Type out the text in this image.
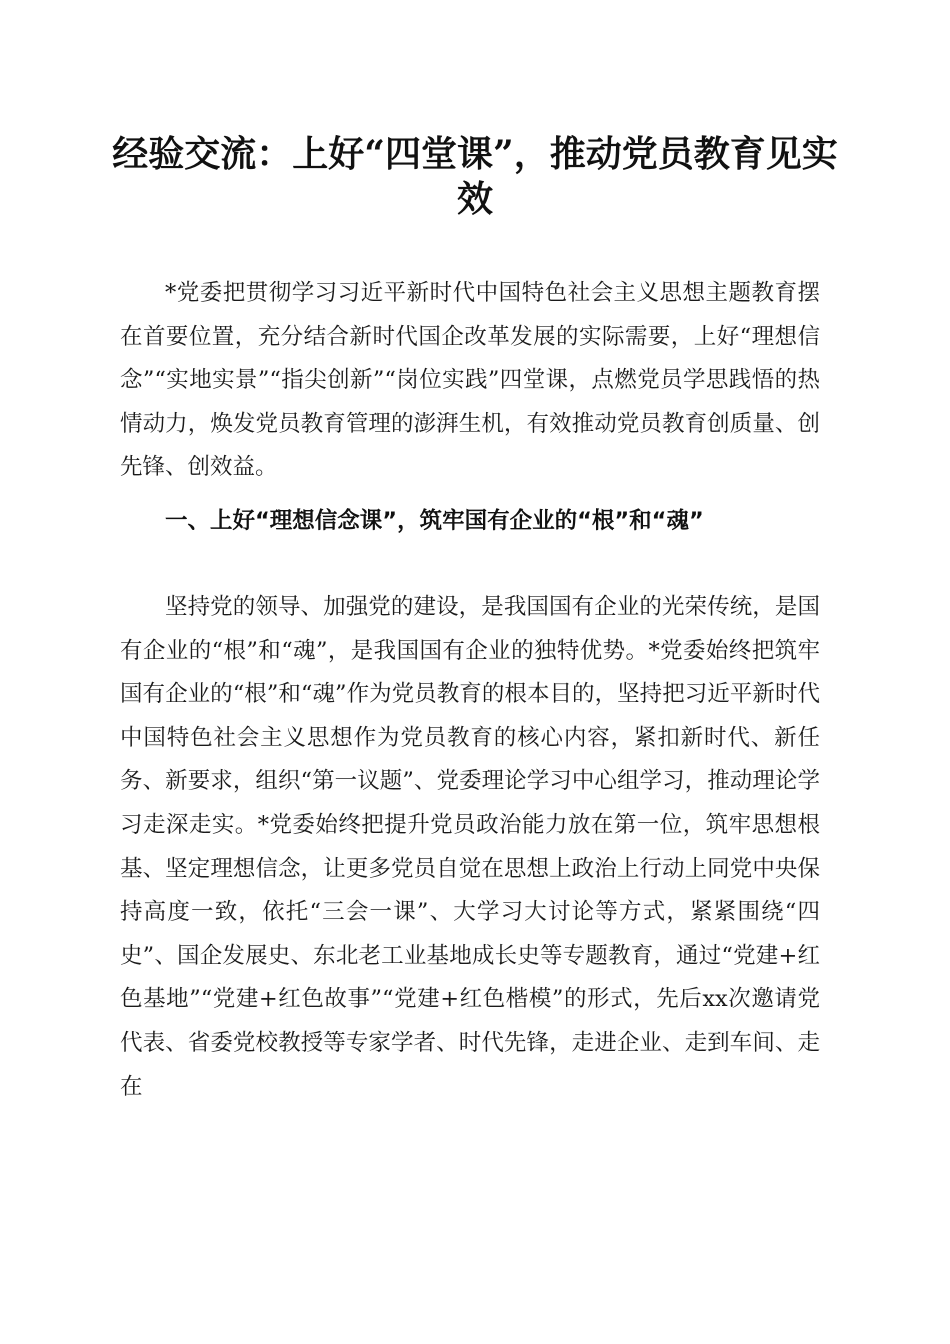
经验交流：上好“四堂课”，推动党员教育见实效

*党委把贯彻学习习近平新时代中国特色社会主义思想主题教育摆在首要位置，充分结合新时代国企改革发展的实际需要，上好“理想信念”“实地实景”“指尖创新”“岗位实践”四堂课，点燃党员学思践悟的热情动力，焕发党员教育管理的澎湃生机，有效推动党员教育创质量、创先锋、创效益。

一、上好“理想信念课”，筑牢国有企业的“根”和“魂”

坚持党的领导、加强党的建设，是我国国有企业的光荣传统，是国有企业的“根”和“魂”，是我国国有企业的独特优势。*党委始终把筑牢国有企业的“根”和“魂”作为党员教育的根本目的，坚持把习近平新时代中国特色社会主义思想作为党员教育的核心内容，紧扣新时代、新任务、新要求，组织“第一议题”、党委理论学习中心组学习，推动理论学习走深走实。*党委始终把提升党员政治能力放在第一位，筑牢思想根基、坚定理想信念，让更多党员自觉在思想上政治上行动上同党中央保持高度一致，依托“三会一课”、大学习大讨论等方式，紧紧围绕“四史”、国企发展史、东北老工业基地成长史等专题教育，通过“党建+红色基地”“党建+红色故事”“党建+红色楷模”的形式，先后xx次邀请党代表、省委党校教授等专家学者、时代先锋，走进企业、走到车间、走在
